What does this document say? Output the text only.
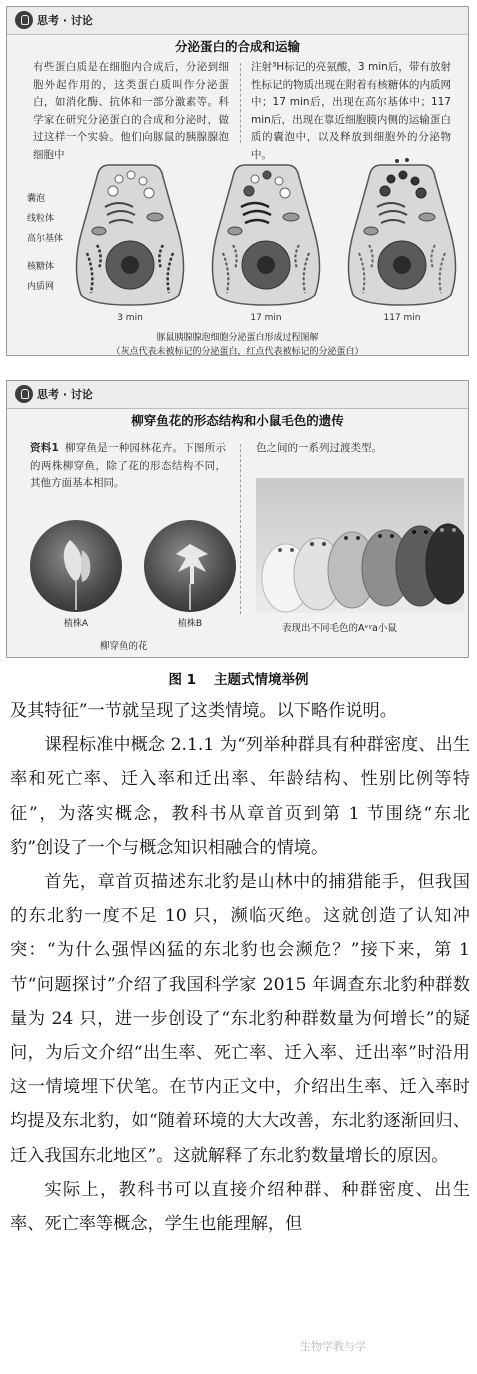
思考 · 讨论
分泌蛋白的合成和运输
有些蛋白质是在细胞内合成后，分泌到细胞外起作用的，这类蛋白质叫作分泌蛋白，如消化酶、抗体和一部分激素等。科学家在研究分泌蛋白的合成和分泌时，做过这样一个实验。他们向豚鼠的胰腺腺泡细胞中
注射³H标记的亮氨酸，3 min后，带有放射性标记的物质出现在附着有核糖体的内质网中；17 min后，出现在高尔基体中；117 min后，出现在靠近细胞膜内侧的运输蛋白质的囊泡中，以及释放到细胞外的分泌物中。
囊泡
线粒体
高尔基体
核糖体
内质网
3 min	17 min	117 min
豚鼠胰腺腺泡细胞分泌蛋白形成过程图解
（灰点代表未被标记的分泌蛋白，红点代表被标记的分泌蛋白）
思考 · 讨论
柳穿鱼花的形态结构和小鼠毛色的遗传
资料1 柳穿鱼是一种园林花卉。下图所示的两株柳穿鱼，除了花的形态结构不同，其他方面基本相同。
色之间的一系列过渡类型。
植株A	植株B
柳穿鱼的花
表现出不同毛色的Aᵛʸa小鼠
图 1 主题式情境举例

及其特征”一节就呈现了这类情境。以下略作说明。

课程标准中概念 2.1.1 为“列举种群具有种群密度、出生率和死亡率、迁入率和迁出率、年龄结构、性别比例等特征”，为落实概念，教科书从章首页到第 1 节围绕“东北豹”创设了一个与概念知识相融合的情境。

首先，章首页描述东北豹是山林中的捕猎能手，但我国的东北豹一度不足 10 只，濒临灭绝。这就创造了认知冲突：“为什么强悍凶猛的东北豹也会濒危？”接下来，第 1 节“问题探讨”介绍了我国科学家 2015 年调查东北豹种群数量为 24 只，进一步创设了“东北豹种群数量为何增长”的疑问，为后文介绍“出生率、死亡率、迁入率、迁出率”时沿用这一情境埋下伏笔。在节内正文中，介绍出生率、迁入率时均提及东北豹，如“随着环境的大大改善，东北豹逐渐回归、迁入我国东北地区”。这就解释了东北豹数量增长的原因。

实际上，教科书可以直接介绍种群、种群密度、出生率、死亡率等概念，学生也能理解，但

生物学教与学
